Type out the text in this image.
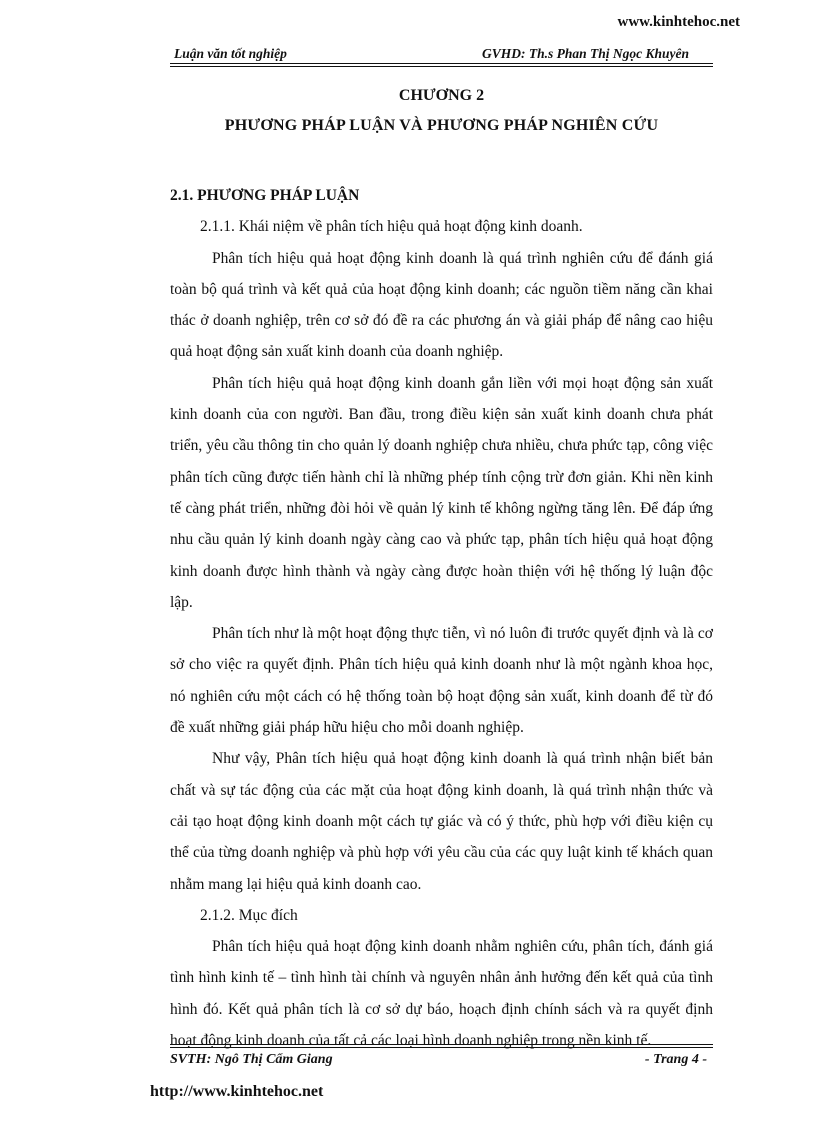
www.kinhtehoc.net
Luận văn tốt nghiệp	GVHD: Th.s Phan Thị Ngọc Khuyên
CHƯƠNG 2
PHƯƠNG PHÁP LUẬN VÀ PHƯƠNG PHÁP NGHIÊN CỨU

2.1. PHƯƠNG PHÁP LUẬN

2.1.1. Khái niệm về phân tích hiệu quả hoạt động kinh doanh.

Phân tích hiệu quả hoạt động kinh doanh là quá trình nghiên cứu để đánh giá toàn bộ quá trình và kết quả của hoạt động kinh doanh; các nguồn tiềm năng cần khai thác ở doanh nghiệp, trên cơ sở đó đề ra các phương án và giải pháp để nâng cao hiệu quả hoạt động sản xuất kinh doanh của doanh nghiệp.

Phân tích hiệu quả hoạt động kinh doanh gắn liền với mọi hoạt động sản xuất kinh doanh của con người. Ban đầu, trong điều kiện sản xuất kinh doanh chưa phát triển, yêu cầu thông tin cho quản lý doanh nghiệp chưa nhiều, chưa phức tạp, công việc phân tích cũng được tiến hành chỉ là những phép tính cộng trừ đơn giản. Khi nền kinh tế càng phát triển, những đòi hỏi về quản lý kinh tế không ngừng tăng lên. Để đáp ứng nhu cầu quản lý kinh doanh ngày càng cao và phức tạp, phân tích hiệu quả hoạt động kinh doanh được hình thành và ngày càng được hoàn thiện với hệ thống lý luận độc lập.

Phân tích như là một hoạt động thực tiễn, vì nó luôn đi trước quyết định và là cơ sở cho việc ra quyết định. Phân tích hiệu quả kinh doanh như là một ngành khoa học, nó nghiên cứu một cách có hệ thống toàn bộ hoạt động sản xuất, kinh doanh để từ đó đề xuất những giải pháp hữu hiệu cho mỗi doanh nghiệp.

Như vậy, Phân tích hiệu quả hoạt động kinh doanh là quá trình nhận biết bản chất và sự tác động của các mặt của hoạt động kinh doanh, là quá trình nhận thức và cải tạo hoạt động kinh doanh một cách tự giác và có ý thức, phù hợp với điều kiện cụ thể của từng doanh nghiệp và phù hợp với yêu cầu của các quy luật kinh tế khách quan nhằm mang lại hiệu quả kinh doanh cao.

2.1.2. Mục đích

Phân tích hiệu quả hoạt động kinh doanh nhằm nghiên cứu, phân tích, đánh giá tình hình kinh tế – tình hình tài chính và nguyên nhân ảnh hưởng đến kết quả của tình hình đó. Kết quả phân tích là cơ sở dự báo, hoạch định chính sách và ra quyết định hoạt động kinh doanh của tất cả các loại hình doanh nghiệp trong nền kinh tế.

SVTH: Ngô Thị Cẩm Giang	- Trang 4 -
http://www.kinhtehoc.net
